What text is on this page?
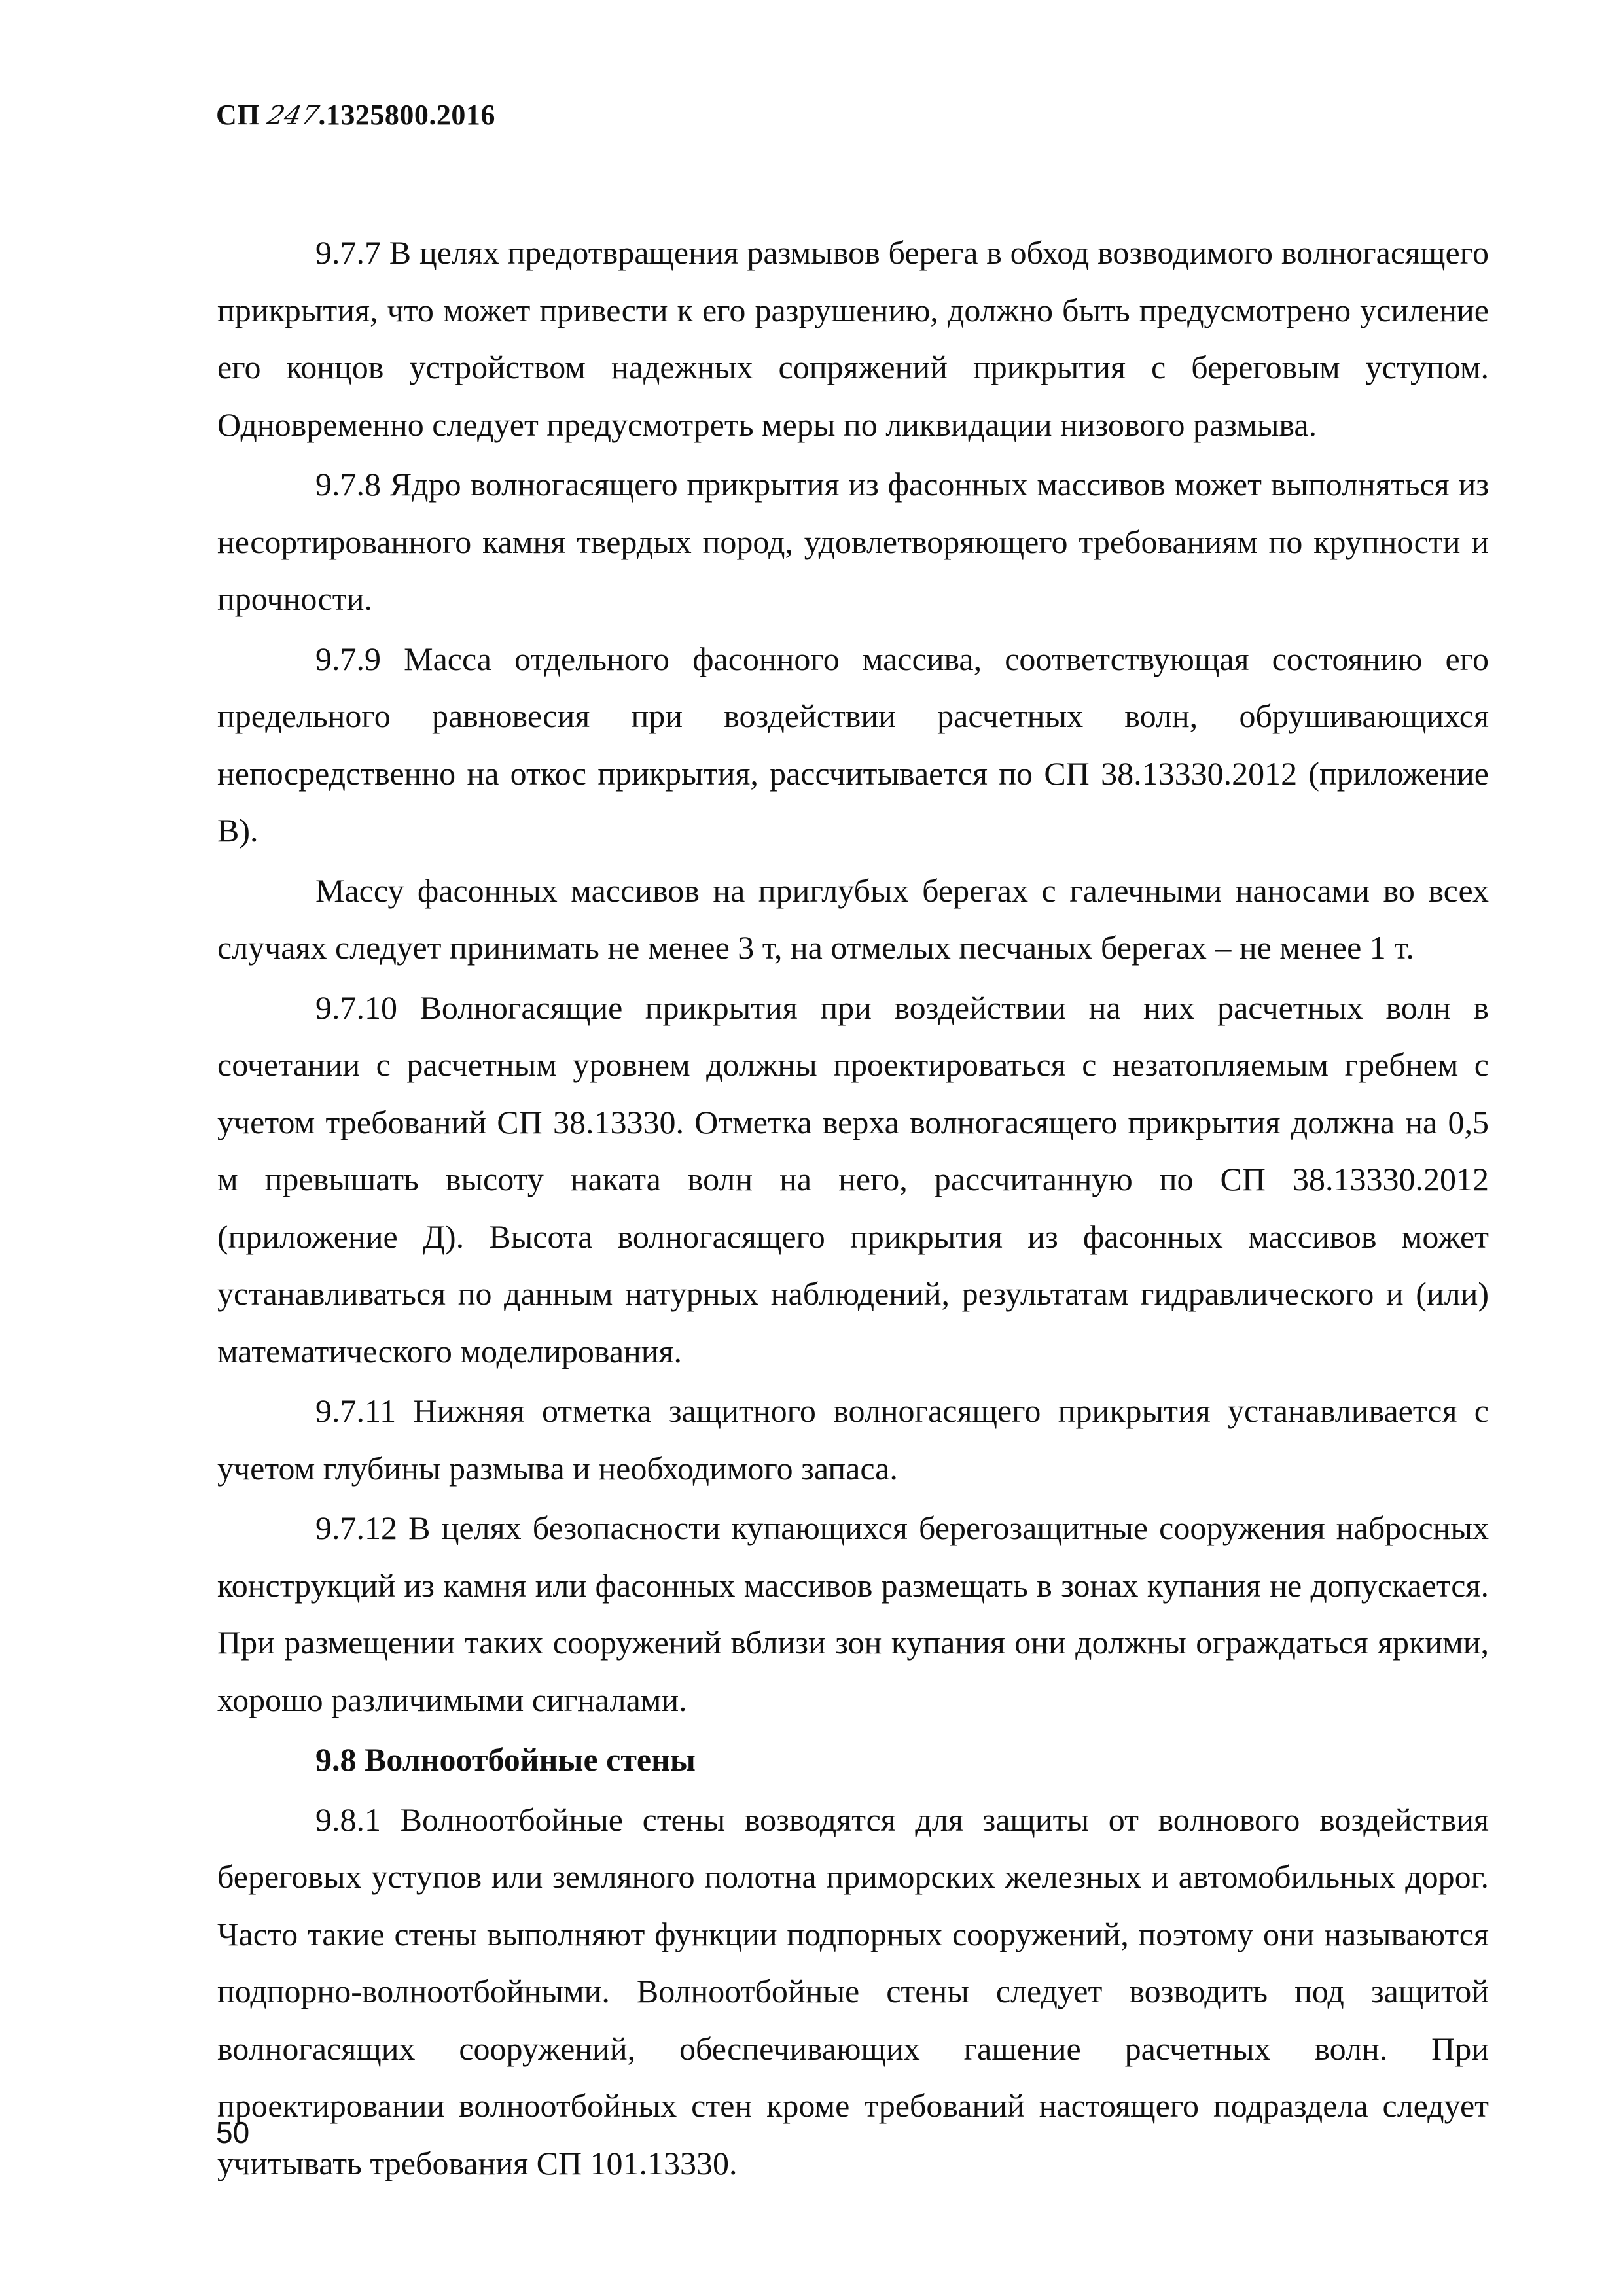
СП 247.1325800.2016

9.7.7 В целях предотвращения размывов берега в обход возводимого волногасящего прикрытия, что может привести к его разрушению, должно быть предусмотрено усиление его концов устройством надежных сопряжений прикрытия с береговым уступом. Одновременно следует предусмотреть меры по ликвидации низового размыва.

9.7.8 Ядро волногасящего прикрытия из фасонных массивов может выполняться из несортированного камня твердых пород, удовлетворяющего требованиям по крупности и прочности.

9.7.9 Масса отдельного фасонного массива, соответствующая состоянию его предельного равновесия при воздействии расчетных волн, обрушивающихся непосредственно на откос прикрытия, рассчитывается по СП 38.13330.2012 (приложение В).

Массу фасонных массивов на приглубых берегах с галечными наносами во всех случаях следует принимать не менее 3 т, на отмелых песчаных берегах – не менее 1 т.

9.7.10 Волногасящие прикрытия при воздействии на них расчетных волн в сочетании с расчетным уровнем должны проектироваться с незатопляемым гребнем с учетом требований СП 38.13330. Отметка верха волногасящего прикрытия должна на 0,5 м превышать высоту наката волн на него, рассчитанную по СП 38.13330.2012 (приложение Д). Высота волногасящего прикрытия из фасонных массивов может устанавливаться по данным натурных наблюдений, результатам гидравлического и (или) математического моделирования.

9.7.11 Нижняя отметка защитного волногасящего прикрытия устанавливается с учетом глубины размыва и необходимого запаса.

9.7.12 В целях безопасности купающихся берегозащитные сооружения набросных конструкций из камня или фасонных массивов размещать в зонах купания не допускается. При размещении таких сооружений вблизи зон купания они должны ограждаться яркими, хорошо различимыми сигналами.

9.8 Волноотбойные стены

9.8.1 Волноотбойные стены возводятся для защиты от волнового воздействия береговых уступов или земляного полотна приморских железных и автомобильных дорог. Часто такие стены выполняют функции подпорных сооружений, поэтому они называются подпорно-волноотбойными. Волноотбойные стены следует возводить под защитой волногасящих сооружений, обеспечивающих гашение расчетных волн. При проектировании волноотбойных стен кроме требований настоящего подраздела следует учитывать требования СП 101.13330.

50
